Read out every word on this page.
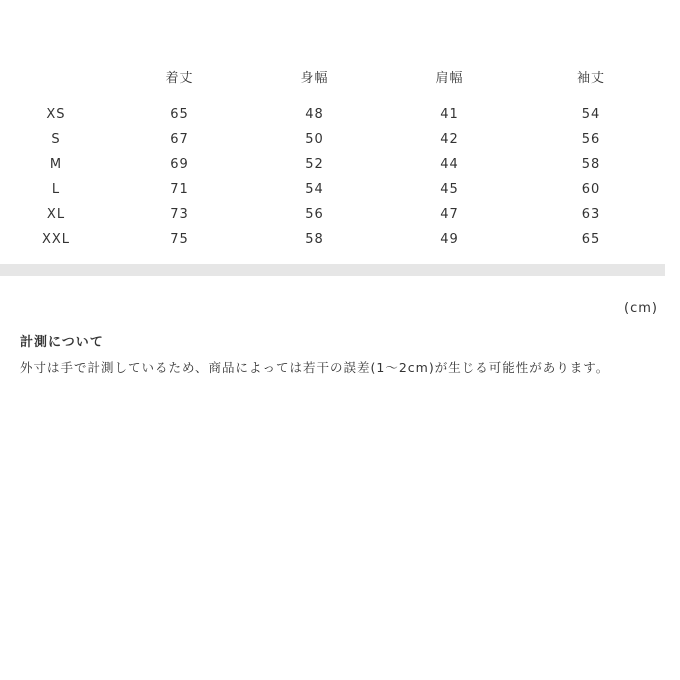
	着丈	身幅	肩幅	袖丈

XS	65	48	41	54
S	67	50	42	56
M	69	52	44	58
L	71	54	45	60
XL	73	56	47	63
XXL	75	58	49	65
(cm)
計測について
外寸は手で計測しているため、商品によっては若干の誤差(1〜2cm)が生じる可能性があります。
